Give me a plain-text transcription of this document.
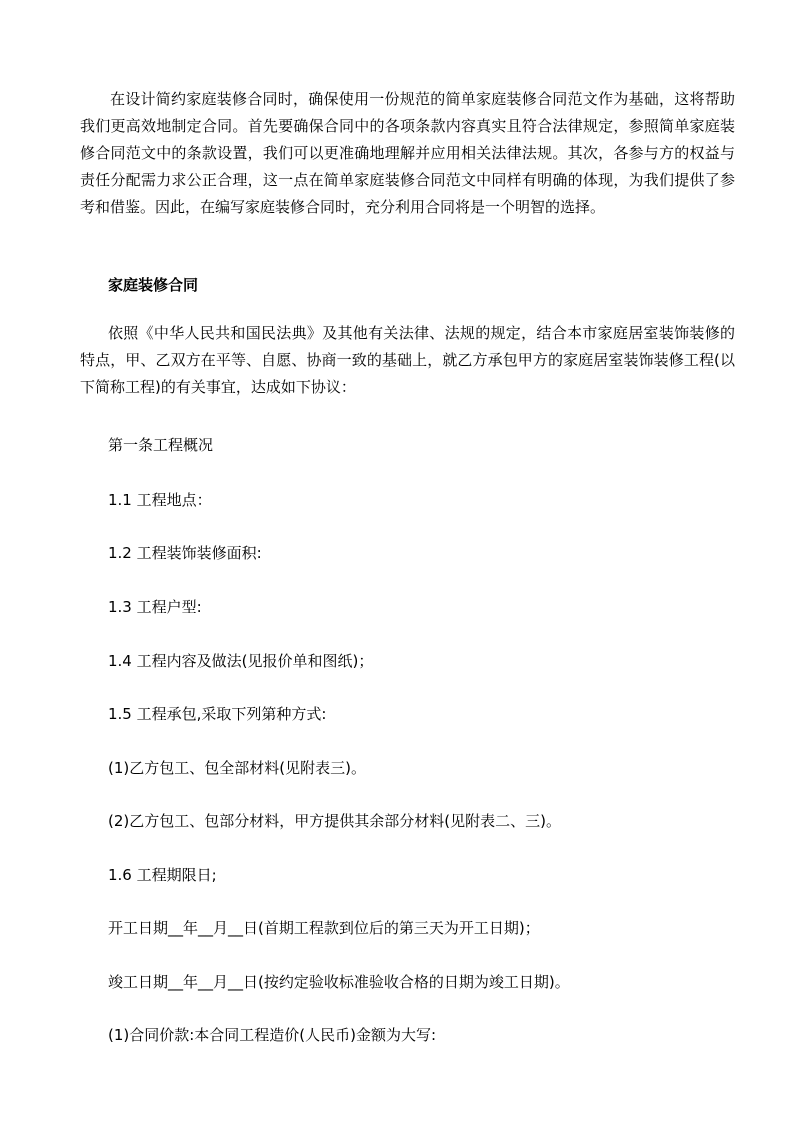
在设计简约家庭装修合同时，确保使用一份规范的简单家庭装修合同范文作为基础，这将帮助我们更高效地制定合同。首先要确保合同中的各项条款内容真实且符合法律规定，参照简单家庭装修合同范文中的条款设置，我们可以更准确地理解并应用相关法律法规。其次，各参与方的权益与责任分配需力求公正合理，这一点在简单家庭装修合同范文中同样有明确的体现，为我们提供了参考和借鉴。因此，在编写家庭装修合同时，充分利用合同将是一个明智的选择。

家庭装修合同

依照《中华人民共和国民法典》及其他有关法律、法规的规定，结合本市家庭居室装饰装修的特点，甲、乙双方在平等、自愿、协商一致的基础上，就乙方承包甲方的家庭居室装饰装修工程(以下简称工程)的有关事宜，达成如下协议：

第一条工程概况

1.1 工程地点：

1.2 工程装饰装修面积:

1.3 工程户型:

1.4 工程内容及做法(见报价单和图纸)；

1.5 工程承包,采取下列第种方式:

(1)乙方包工、包全部材料(见附表三)。

(2)乙方包工、包部分材料，甲方提供其余部分材料(见附表二、三)。

1.6 工程期限日;

开工日期__年__月__日(首期工程款到位后的第三天为开工日期)；

竣工日期__年__月__日(按约定验收标准验收合格的日期为竣工日期)。

(1)合同价款:本合同工程造价(人民币)金额为大写:
